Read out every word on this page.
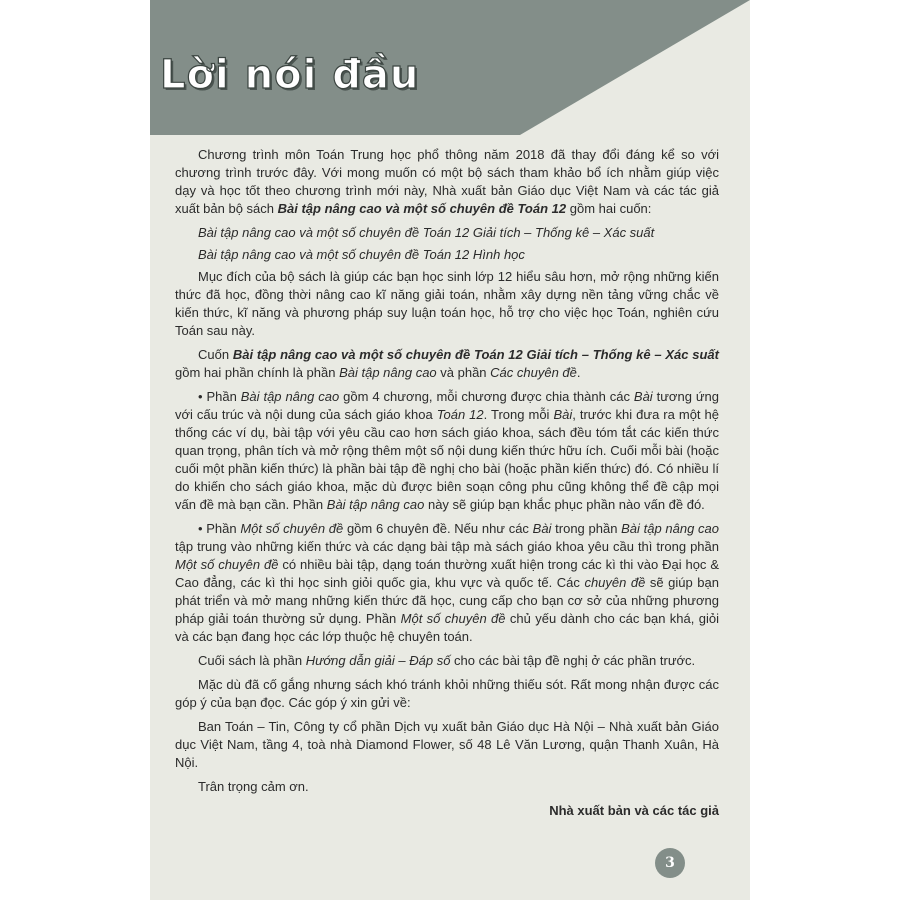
Lời nói đầu

Chương trình môn Toán Trung học phổ thông năm 2018 đã thay đổi đáng kể so với chương trình trước đây. Với mong muốn có một bộ sách tham khảo bổ ích nhằm giúp việc dạy và học tốt theo chương trình mới này, Nhà xuất bản Giáo dục Việt Nam và các tác giả xuất bản bộ sách Bài tập nâng cao và một số chuyên đề Toán 12 gồm hai cuốn:

Bài tập nâng cao và một số chuyên đề Toán 12 Giải tích – Thống kê – Xác suất

Bài tập nâng cao và một số chuyên đề Toán 12 Hình học

Mục đích của bộ sách là giúp các bạn học sinh lớp 12 hiểu sâu hơn, mở rộng những kiến thức đã học, đồng thời nâng cao kĩ năng giải toán, nhằm xây dựng nền tảng vững chắc về kiến thức, kĩ năng và phương pháp suy luận toán học, hỗ trợ cho việc học Toán, nghiên cứu Toán sau này.

Cuốn Bài tập nâng cao và một số chuyên đề Toán 12 Giải tích – Thống kê – Xác suất gồm hai phần chính là phần Bài tập nâng cao và phần Các chuyên đề.

• Phần Bài tập nâng cao gồm 4 chương, mỗi chương được chia thành các Bài tương ứng với cấu trúc và nội dung của sách giáo khoa Toán 12. Trong mỗi Bài, trước khi đưa ra một hệ thống các ví dụ, bài tập với yêu cầu cao hơn sách giáo khoa, sách đều tóm tắt các kiến thức quan trọng, phân tích và mở rộng thêm một số nội dung kiến thức hữu ích. Cuối mỗi bài (hoặc cuối một phần kiến thức) là phần bài tập đề nghị cho bài (hoặc phần kiến thức) đó. Có nhiều lí do khiến cho sách giáo khoa, mặc dù được biên soạn công phu cũng không thể đề cập mọi vấn đề mà bạn cần. Phần Bài tập nâng cao này sẽ giúp bạn khắc phục phần nào vấn đề đó.

• Phần Một số chuyên đề gồm 6 chuyên đề. Nếu như các Bài trong phần Bài tập nâng cao tập trung vào những kiến thức và các dạng bài tập mà sách giáo khoa yêu cầu thì trong phần Một số chuyên đề có nhiều bài tập, dạng toán thường xuất hiện trong các kì thi vào Đại học & Cao đẳng, các kì thi học sinh giỏi quốc gia, khu vực và quốc tế. Các chuyên đề sẽ giúp bạn phát triển và mở mang những kiến thức đã học, cung cấp cho bạn cơ sở của những phương pháp giải toán thường sử dụng. Phần Một số chuyên đề chủ yếu dành cho các bạn khá, giỏi và các bạn đang học các lớp thuộc hệ chuyên toán.

Cuối sách là phần Hướng dẫn giải – Đáp số cho các bài tập đề nghị ở các phần trước.

Mặc dù đã cố gắng nhưng sách khó tránh khỏi những thiếu sót. Rất mong nhận được các góp ý của bạn đọc. Các góp ý xin gửi về:

Ban Toán – Tin, Công ty cổ phần Dịch vụ xuất bản Giáo dục Hà Nội – Nhà xuất bản Giáo dục Việt Nam, tầng 4, toà nhà Diamond Flower, số 48 Lê Văn Lương, quận Thanh Xuân, Hà Nội.

Trân trọng cảm ơn.

Nhà xuất bản và các tác giả

3
